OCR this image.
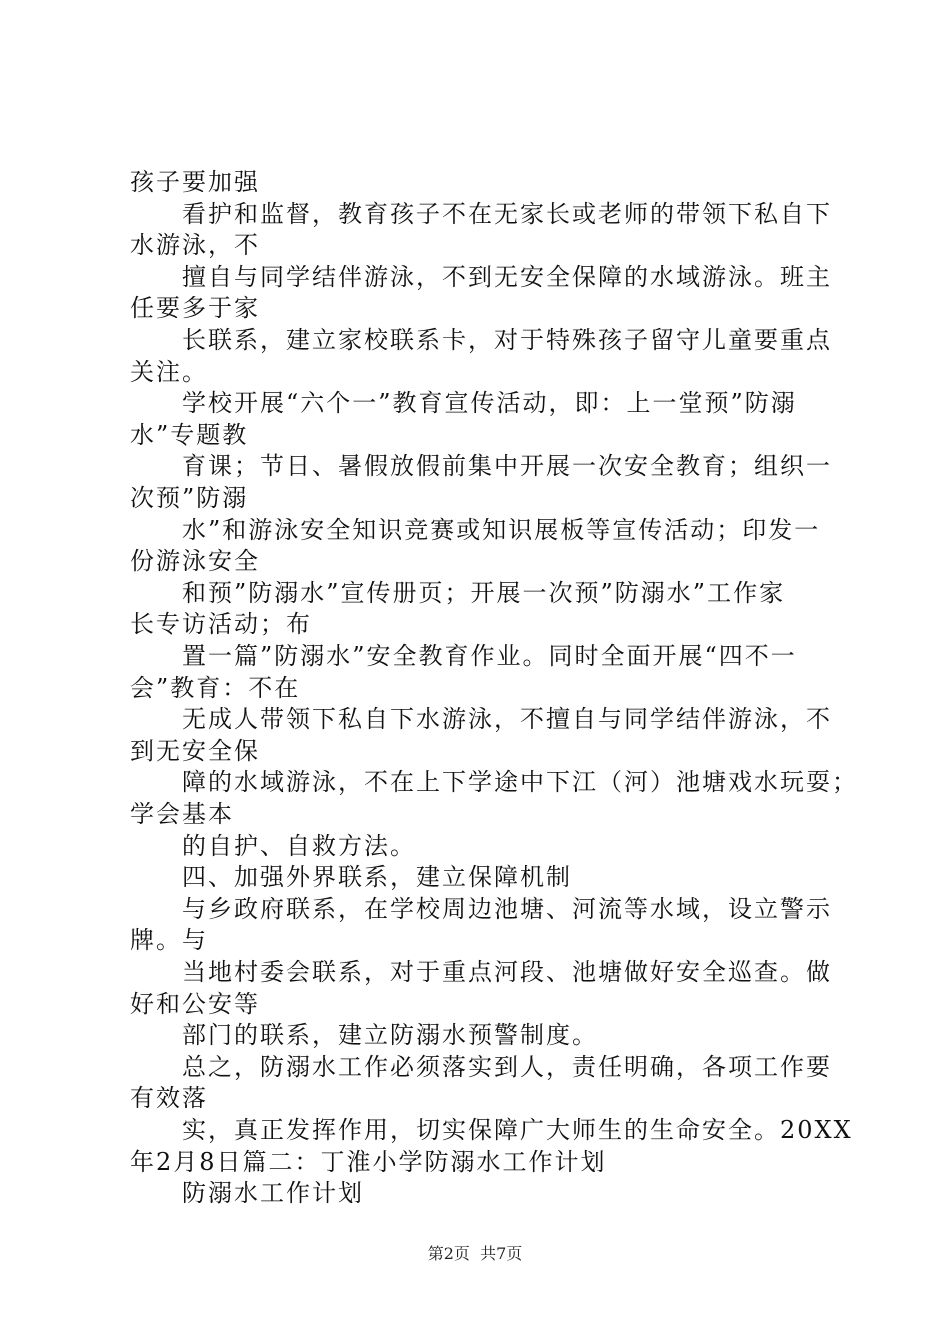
孩子要加强
看护和监督，教育孩子不在无家长或老师的带领下私自下
水游泳，不
擅自与同学结伴游泳，不到无安全保障的水域游泳。班主
任要多于家
长联系，建立家校联系卡，对于特殊孩子留守儿童要重点
关注。
学校开展“六个一”教育宣传活动，即：上一堂预”防溺
水”专题教
育课；节日、暑假放假前集中开展一次安全教育；组织一
次预”防溺
水”和游泳安全知识竞赛或知识展板等宣传活动；印发一
份游泳安全
和预”防溺水”宣传册页；开展一次预”防溺水”工作家
长专访活动；布
置一篇”防溺水”安全教育作业。同时全面开展“四不一
会”教育：不在
无成人带领下私自下水游泳，不擅自与同学结伴游泳，不
到无安全保
障的水域游泳，不在上下学途中下江（河）池塘戏水玩耍；
学会基本
的自护、自救方法。
四、加强外界联系，建立保障机制
与乡政府联系，在学校周边池塘、河流等水域，设立警示
牌。与
当地村委会联系，对于重点河段、池塘做好安全巡查。做
好和公安等
部门的联系，建立防溺水预警制度。
总之，防溺水工作必须落实到人，责任明确，各项工作要
有效落
实，真正发挥作用，切实保障广大师生的生命安全。20XX
年2月8日篇二：丁淮小学防溺水工作计划
防溺水工作计划
第2页  共7页
